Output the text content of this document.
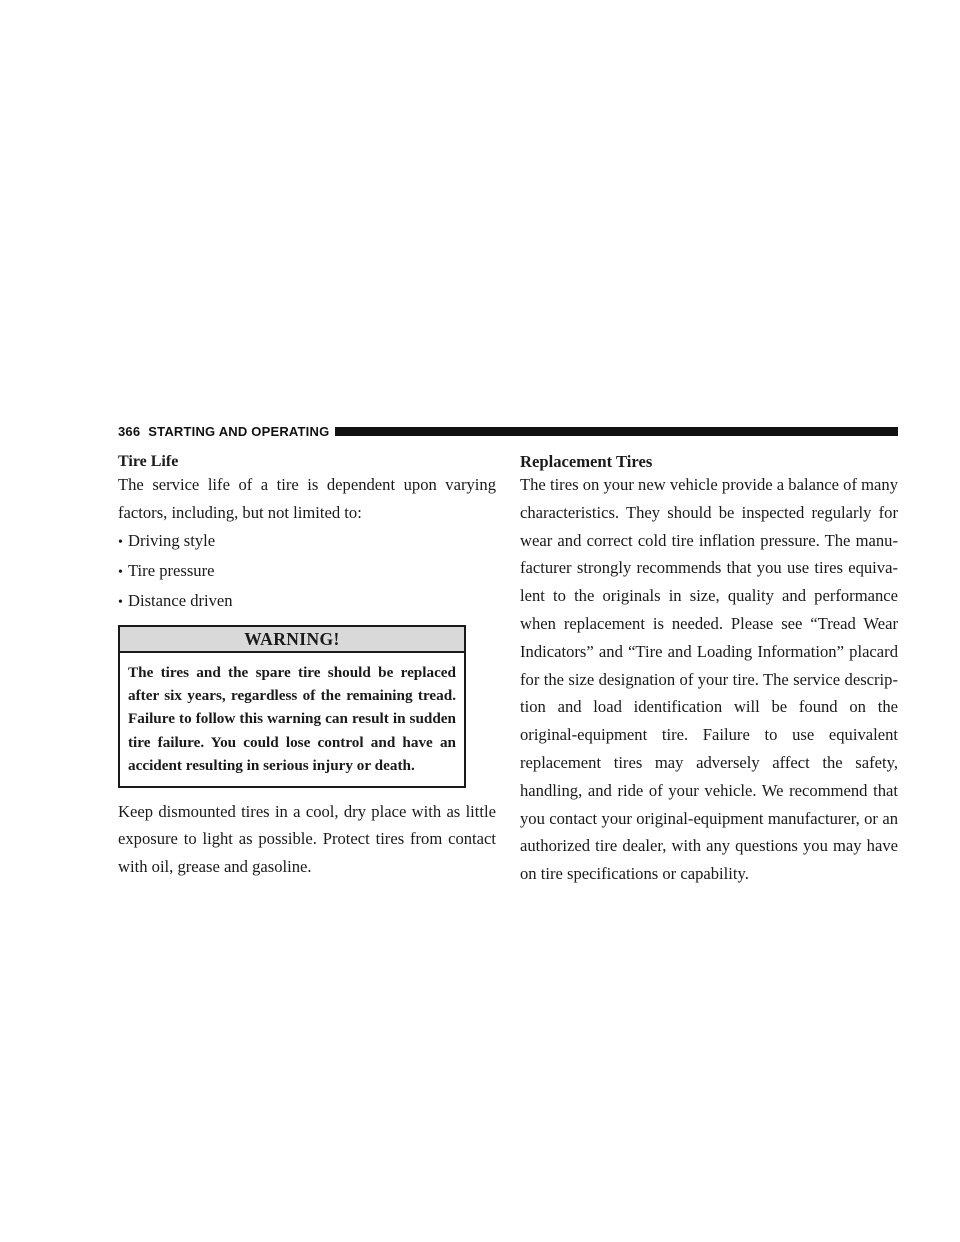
366 STARTING AND OPERATING
Tire Life

The service life of a tire is dependent upon varying factors, including, but not limited to:

• Driving style
• Tire pressure
• Distance driven
WARNING!
The tires and the spare tire should be replaced after six years, regardless of the remaining tread. Failure to follow this warning can result in sudden tire failure. You could lose control and have an accident resulting in serious injury or death.

Keep dismounted tires in a cool, dry place with as little exposure to light as possible. Protect tires from contact with oil, grease and gasoline.

Replacement Tires

The tires on your new vehicle provide a balance of many characteristics. They should be inspected regularly for wear and correct cold tire inflation pressure. The manufacturer strongly recommends that you use tires equivalent to the originals in size, quality and performance when replacement is needed. Please see “Tread Wear Indicators” and “Tire and Loading Information” placard for the size designation of your tire. The service description and load identification will be found on the original-equipment tire. Failure to use equivalent replacement tires may adversely affect the safety, handling, and ride of your vehicle. We recommend that you contact your original-equipment manufacturer, or an authorized tire dealer, with any questions you may have on tire specifications or capability.
